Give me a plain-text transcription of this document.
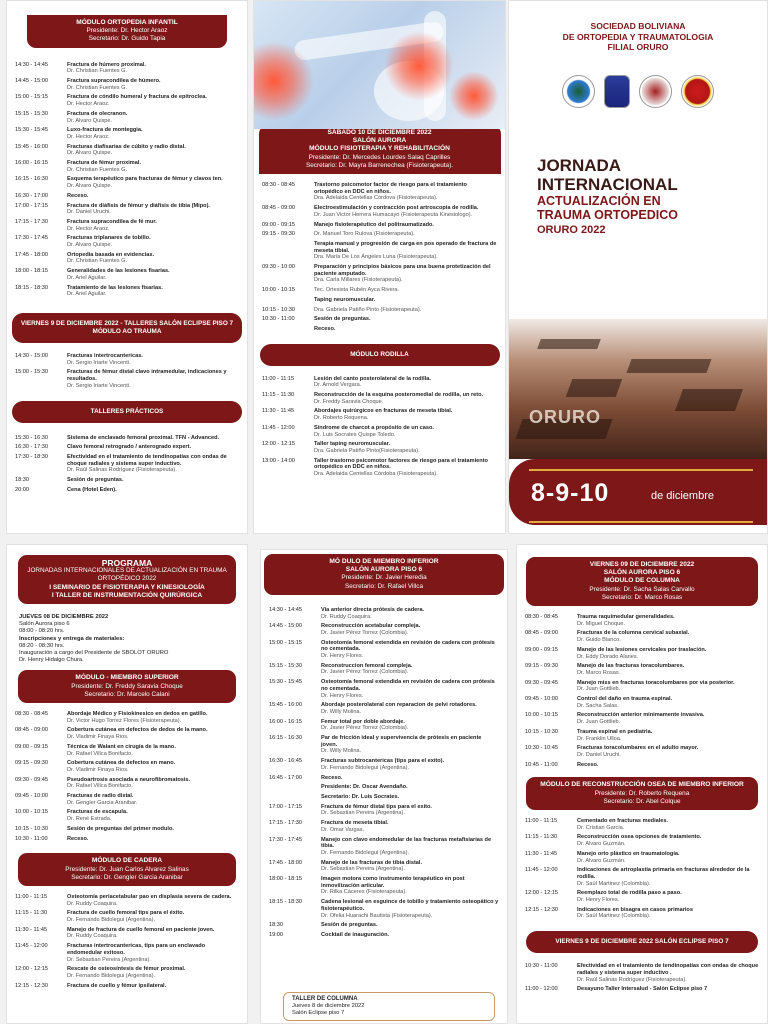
MÓDULO ORTOPEDIA INFANTIL
Presidente: Dr. Hector Araoz
Secretario: Dr. Guido Tapia
14:30 - 14:45	Fractura de húmero proximal.
Dr. Christian Fuentes G.
14:45 - 15:00	Fractura supracondilea de húmero.
Dr. Christian Fuentes G.
15:00 - 15:15	Fractura de cóndilo humeral y fractura de epitroclea.
Dr. Hector Araoz.
15:15 - 15:30	Fractura de olecranon.
Dr. Alvaro Quispe.
15:30 - 15:45	Luxo-fractura de monteggia.
Dr. Hector Araoz.
15:45 - 16:00	Fracturas diafisarias de cúbito y radio distal.
Dr. Alvaro Quispe.
16:00 - 16:15	Fractura de fémur proximal.
Dr. Christian Fuentes G.
16:15 - 16:30	Esquema terapéutico para fracturas de fémur y clavos ten.
Dr. Alvaro Quispe.
16:30 - 17:00	Receso.
17:00 - 17:15	Fractura de diáfisis de fémur y diáfisis de tibia (Mipo).
Dr. Daniel Uruchi.
17:15 - 17:30	Fractura supracondilea de fé mur.
Dr. Hector Araoz.
17:30 - 17:45	Fracturas triplanares de tobillo.
Dr. Alvaro Quispe.
17:45 - 18:00	Ortopedia basada en evidencias.
Dr. Christian Fuentes G.
18:00 - 18:15	Generalidades de las lesiones fisarias.
Dr. Ariel Aguilar.
18:15 - 18:30	Tratamiento de las lesiones fisarias.
Dr. Ariel Aguilar.
VIERNES 9 DE DICIEMBRE 2022 - TALLERES SALÓN ECLIPSE PISO 7
MÓDULO AO TRAUMA
14:30 - 15:00	Fracturas intertrocantericas.
Dr. Sergio Iriarte Vincenti.
15:00 - 15:30	Fracturas de fémur distal clavo intramedular, indicaciones y resultados.
Dr. Sergio Iriarte Vincenti.
TALLERES PRÁCTICOS
15:30 - 16:30	Sistema de enclavado femoral proximal. TFN - Advanced.
16:30 - 17:30	Clavo femoral retrogrado / anterogrado expert.
17:30 - 18:30	Efectividad en el tratamiento de tendinopatías con ondas de choque radiales y sistema super inductivo.
Dr. Raúl Salinas Rodríguez (Fisioterapeuta).
18:30	Sesión de preguntas.
20:00	Cena (Hotel Eden).
SÁBADO 10 DE DICIEMBRE 2022
SALÓN AURORA
MÓDULO FISIOTERAPIA Y REHABILITACIÓN
Presidente: Dr. Mercedes Lourdes Salaq Caprilles
Secretario: Dr. Mayra Barrenechea (Fisioterapeuta).
08:30 - 08:45	Trastorno psicomotor factor de riesgo para el tratamiento ortopédico en DDC en niños.
Dra. Adelaida Centellas Córdova (Fisioterapeuta).
08:45 - 09:00	Electroestimulación y contracción post artroscopía de rodilla.
Dr. Juan Victor Herrera Humacayo (Fisioterapeuta Kinesiologo).
09:00 - 09:15	Manejo fisioterapéutico del politraumatizado.
09:15 - 09:30	Dr. Manuel Toro Rulova (Fisioterapeuta).
Terapia manual y progresión de carga en pos operado de fractura de meseta tibial.
Dra. María De Los Ángeles Luna (Fisioterapeuta).
09:30 - 10:00	Preparación y principios básicos para una buena protetización del paciente amputado.
Dra. Carla Millares (Fisioterapeuta).
10:00 - 10:15	Tec. Ortesista Rubén Ayca Rivera.
Taping neuromuscular.
10:15 - 10:30	Dra. Gabriela Patiño Pinto (Fisioterapeuta).
10:30 - 11:00	Sesión de preguntas.
Receso.
MÓDULO RODILLA
11:00 - 11:15	Lesión del canto posterolateral de la rodilla.
Dr. Arnold Vergara.
11:15 - 11:30	Reconstrucción de la esquina posteromedial de rodilla, un reto.
Dr. Freddy Saravia Choque.
11:30 - 11:45	Abordajes quirúrgicos en fracturas de meseta tibial.
Dr. Roberto Requena.
11:45 - 12:00	Síndrome de charcot a propósito de un caso.
Dr. Luis Socrates Quispe Toledo.
12:00 - 12:15	Taller taping neuromuscular.
Dra. Gabriela Patiño Pinto(Fisioterapeuta).
13:00 - 14:00	Taller trastorno psicomotor factores de riesgo para el tratamiento ortopédico en DDC en niños.
Dra. Adelaida Centellas Córdoba (Fisioterapeuta).
SOCIEDAD BOLIVIANA
DE ORTOPEDIA Y TRAUMATOLOGIA
FILIAL ORURO
JORNADA
INTERNACIONAL
ACTUALIZACIÓN EN
TRAUMA ORTOPEDICO
ORURO 2022
ORURO
8-9-10	de diciembre
PROGRAMA
JORNADAS INTERNACIONALES DE ACTUALIZACIÓN EN TRAUMA ORTOPÉDICO 2022
I SEMINARIO DE FISIOTERAPIA Y KINESIOLOGÍA
I TALLER DE INSTRUMENTACIÓN QUIRÚRGICA
JUEVES 08 DE DICIEMBRE 2022
Salón Aurora piso 6
08:00 - 08:20 hrs.
Inscripciones y entrega de materiales:
08:20 - 08:30 hrs.
Inauguración a cargo del Presidente de SBOLOT ORURO
Dr. Henry Hidalgo Chura.
MÓDULO - MIEMBRO SUPERIOR
Presidente: Dr. Freddy Saravia Choque
Secretario: Dr. Marcelo Calani
08:30 - 08:45	Abordaje Médico y Fisiokinesico en dedos en gatillo.
Dr. Victor Hugo Torrez Flores (Fisioterapeuta).
08:45 - 09:00	Cobertura cutánea en defectos de dedos de la mano.
Dr. Vladimir Finaya Rios.
09:00 - 09:15	Técnica de Walant en cirugía de la mano.
Dr. Rafael Villca Bonifacio.
09:15 - 09:30	Cobertura cutánea de defectos en mano.
Dr. Vladimir Finaya Rios.
09:30 - 09:45	Pseudoartrosis asociada a neurofibromatosis.
Dr. Rafael Villca Bonifacio.
09:45 - 10:00	Fracturas de radio distal.
Dr. Gengler Garcia Aranibar.
10:00 - 10:15	Fracturas de escapula.
Dr. René Estrada.
10:15 - 10:30	Sesión de preguntas del primer modulo.
10:30 - 11:00	Receso.
MÓDULO DE CADERA
Presidente: Dr. Juan Carlos Alvarez Salinas
Secretario: Dr. Gengler Garcia Aranibar
11:00 - 11:15	Osteotomía periacetabular pao en displasia severa de cadera.
Dr. Ruddy Coaquira.
11:15 - 11:30	Fractura de cuello femoral tips para el éxito.
Dr. Fernando Bidolegui (Argentina).
11:30 - 11:45	Manejo de fractura de cuello femoral en paciente joven.
Dr. Ruddy Coaquira.
11:45 - 12:00	Fracturas intertrocantericas, tips para un enclavado endomedular exitoso.
Dr. Sebastian Pereira (Argentina).
12:00 - 12:15	Rescate de osteosíntesis de fémur proximal.
Dr. Fernando Bidolegui (Argentina).
12:15 - 12:30	Fractura de cuello y fémur ipsilateral.
MÓ DULO DE MIEMBRO INFERIOR
SALÓN AURORA PISO 6
Presidente: Dr. Javier Heredia
Secretario: Dr. Rafael Villca
14:30 - 14:45	Via anterior directa prótesis de cadera.
Dr. Ruddy Coaquira.
14:45 - 15:00	Reconstrucción acetabular compleja.
Dr. Javier Pérez Torrez (Colombia).
15:00 - 15:15	Osteotomía femoral extendida en revisión de cadera con prótesis no cementada.
Dr. Henry Flores.
15:15 - 15:30	Reconstruccion femoral compleja.
Dr. Javier Pérez Torrez (Colombia).
15:30 - 15:45	Osteotomía femoral extendida en revisión de cadera con prótesis no cementada.
Dr. Henry Flores.
15:45 - 16:00	Abordaje posterolateral con reparacion de pelvi rotadores.
Dr. Willy Molina.
16:00 - 16:15	Femur total por doble abordaje.
Dr. Javier Pérez Torrez (Colombia).
16:15 - 16:30	Par de fricción ideal y supervivencia de prótesis en paciente joven.
Dr. Willy Molina.
16:30 - 16:45	Fracturas subtrocantericas (tips para el exito).
Dr. Fernando Bidolegui (Argentina).
16:45 - 17:00	Receso.
Presidente: Dr. Oscar Avendaño.
Secretario: Dr. Luis Socrates.
17:00 - 17:15	Fractura de fémur distal tips para el exito.
Dr. Sebastian Pereira (Argentina).
17:15 - 17:30	Fractura de meseta tibial.
Dr. Omar Vargas.
17:30 - 17:45	Manejo con clavo endomedular de las fracturas metafisiarias de tibia.
Dr. Fernando Bidolegui (Argentina).
17:45 - 18:00	Manejo de las fracturas de tibia distal.
Dr. Sebastian Pereira (Argentina).
18:00 - 18:15	Imagen motora como instrumento terapéutico en post inmovilización articular.
Dr. Rilka Cáceres (Fisioterapeuta).
18:15 - 18:30	Cadena lesional en esguince de tobillo y tratamiento osteopático y fisioterapéutico.
Dr. Ofelia Huarachi Bautista (Fisioterapeuta).
18:30	Sesión de preguntas.
19:00	Cocktail de inauguración.
TALLER DE COLUMNA
Jueves 8 de diciembre 2022
Salón Eclipse piso 7
VIERNES 09 DE DICIEMBRE 2022
SALÓN AURORA PISO 6
MÓDULO DE COLUMNA
Presidente: Dr. Sacha Salas Carvallo
Secretario: Dr. Marco Rosas
08:30 - 08:45	Trauma raquimedular generalidades.
Dr. Miguel Choque.
08:45 - 09:00	Fracturas de la columna cervical subaxial.
Dr. Guido Blanco.
09:00 - 09:15	Manejo de las lesiones cervicales por traslación.
Dr. Eddy Dorado Alanes.
09:15 - 09:30	Manejo de las fracturas toracolumbares.
Dr. Marco Rosas.
09:30 - 09:45	Manejo miss en fracturas toracolumbares por via posterior.
Dr. Juan Gottlieb.
09:45 - 10:00	Control del daño en trauma espinal.
Dr. Sacha Salas.
10:00 - 10:15	Reconstrucción anterior minimamente invasiva.
Dr. Juan Gottlieb.
10:15 - 10:30	Trauma espinal en pediatria.
Dr. Franklin Ulloa.
10:30 - 10:45	Fracturas toracolumbares en el adulto mayor.
Dr. Daniel Uruchi.
10:45 - 11:00	Receso.
MÓDULO DE RECONSTRUCCIÓN OSEA DE MIEMBRO INFERIOR
Presidente: Dr. Roberto Requena
Secretario: Dr. Abel Colque
11:00 - 11:15	Cementado en fracturas mediales.
Dr. Cristian Garcia.
11:15 - 11:30	Reconstrucción osea opciones de tratamiento.
Dr. Alvaro Guzmán.
11:30 - 11:45	Manejo orto plástico en traumatología.
Dr. Alvaro Guzmán.
11:45 - 12:00	Indicaciones de artroplastía primaria en fracturas alrededor de la rodilla.
Dr. Saúl Martinez (Colombia).
12:00 - 12:15	Reemplazo total de rodilla paso a paso.
Dr. Henry Flores.
12:15 - 12:30	Indicaciones en bisagra en casos primarios
Dr. Saúl Martinez (Colombia).
VIERNES 9 DE DICIEMBRE 2022 SALÓN ECLIPSE PISO 7
10:30 - 11:00	Efectividad en el tratamiento de tendinopatías con ondas de choque radiales y sistema super inductivo .
Dr. Raúl Salinas Rodríguez (Fisioterapeuta).
11:00 - 12:00	Desayuno Taller Intersalud - Salón Eclipse piso 7
